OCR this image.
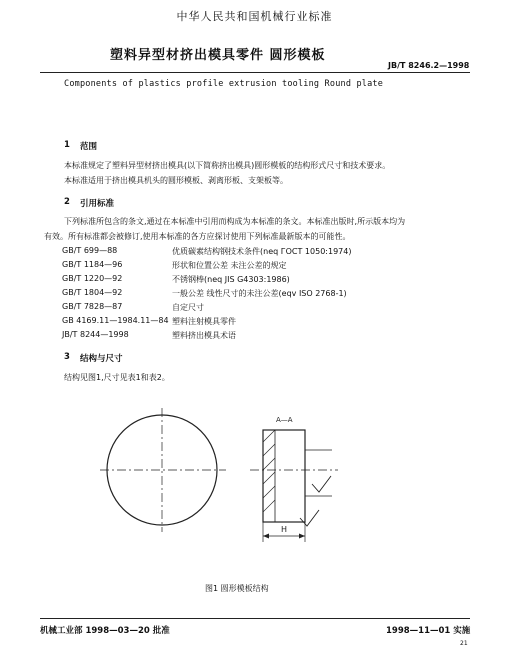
中华人民共和国机械行业标准
塑料异型材挤出模具零件 圆形模板
JB/T 8246.2—1998
Components of plastics profile extrusion tooling Round plate
1 范围
本标准规定了塑料异型材挤出模具(以下简称挤出模具)圆形模板的结构形式尺寸和技术要求。
本标准适用于挤出模具机头的圆形模板、剥离形板、支架板等。
2 引用标准
下列标准所包含的条文,通过在本标准中引用而构成为本标准的条文。本标准出版时,所示版本均为
有效。所有标准都会被修订,使用本标准的各方应探讨使用下列标准最新版本的可能性。
GB/T 699—88	优质碳素结构钢技术条件(neq ГОСТ 1050:1974)
GB/T 1184—96	形状和位置公差 未注公差的规定
GB/T 1220—92	不锈钢棒(neq JIS G4303:1986)
GB/T 1804—92	一般公差 线性尺寸的未注公差(eqv ISO 2768-1)
GB/T 7828—87	自定尺寸
GB 4169.11—1984.11—84 塑料注射模具零件
JB/T 8244—1998	塑料挤出模具术语
3 结构与尺寸
结构见图1,尺寸见表1和表2。
H
A—A
图1 圆形模板结构
机械工业部 1998—03—20 批准	1998—11—01 实施
21
